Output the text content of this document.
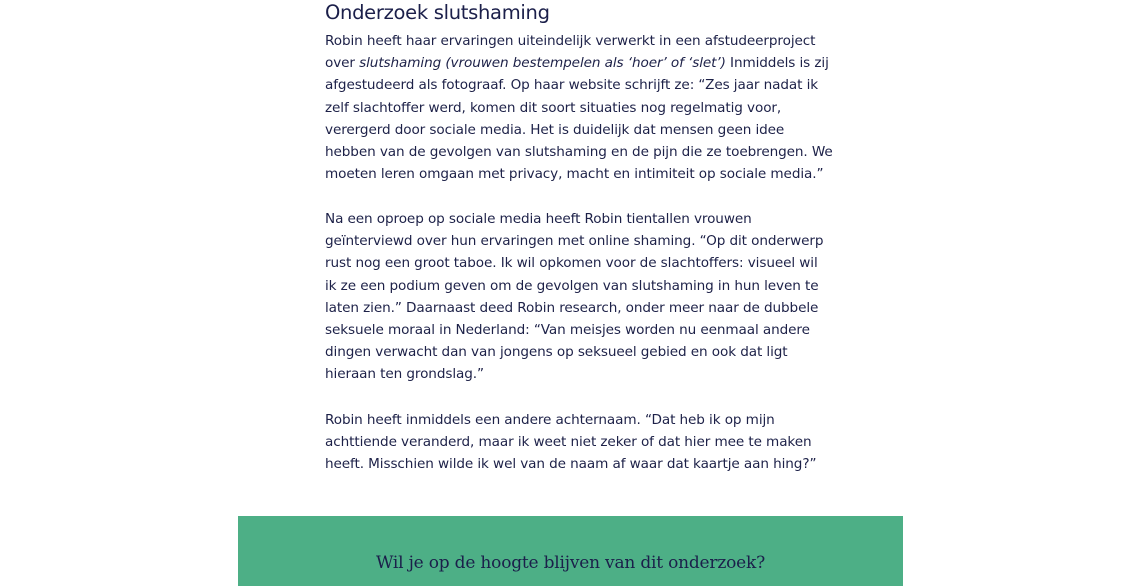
Onderzoek slutshaming

Robin heeft haar ervaringen uiteindelijk verwerkt in een afstudeerproject
over slutshaming (vrouwen bestempelen als ‘hoer’ of ‘slet’) Inmiddels is zij
afgestudeerd als fotograaf. Op haar website schrijft ze: “Zes jaar nadat ik
zelf slachtoffer werd, komen dit soort situaties nog regelmatig voor,
verergerd door sociale media. Het is duidelijk dat mensen geen idee
hebben van de gevolgen van slutshaming en de pijn die ze toebrengen. We
moeten leren omgaan met privacy, macht en intimiteit op sociale media.”

Na een oproep op sociale media heeft Robin tientallen vrouwen
geïnterviewd over hun ervaringen met online shaming. “Op dit onderwerp
rust nog een groot taboe. Ik wil opkomen voor de slachtoffers: visueel wil
ik ze een podium geven om de gevolgen van slutshaming in hun leven te
laten zien.” Daarnaast deed Robin research, onder meer naar de dubbele
seksuele moraal in Nederland: “Van meisjes worden nu eenmaal andere
dingen verwacht dan van jongens op seksueel gebied en ook dat ligt
hieraan ten grondslag.”

Robin heeft inmiddels een andere achternaam. “Dat heb ik op mijn
achttiende veranderd, maar ik weet niet zeker of dat hier mee te maken
heeft. Misschien wilde ik wel van de naam af waar dat kaartje aan hing?”

Wil je op de hoogte blijven van dit onderzoek?
